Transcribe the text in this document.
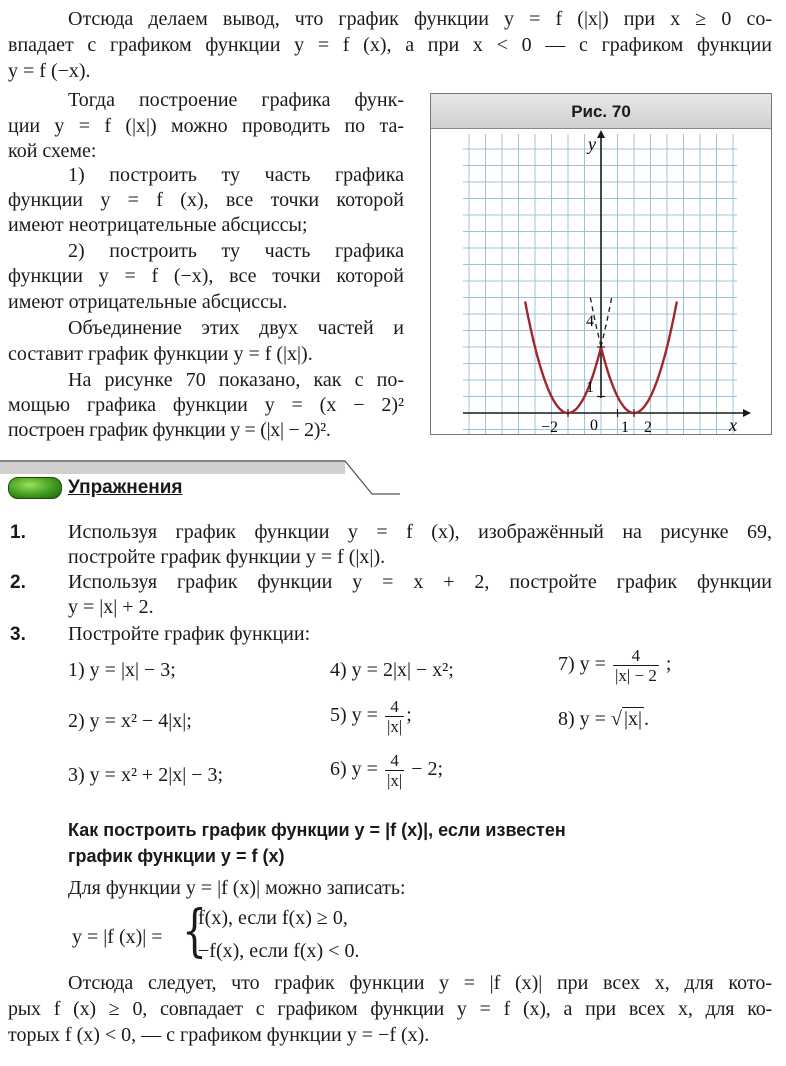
Отсюда делаем вывод, что график функции y = f (|x|) при x ≥ 0 со-

впадает с графиком функции y = f (x), а при x < 0 — с графиком функции

y = f (−x).

Тогда построение графика функ-

ции y = f (|x|) можно проводить по та-

кой схеме:

1) построить ту часть графика

функции y = f (x), все точки которой

имеют неотрицательные абсциссы;

2) построить ту часть графика

функции y = f (−x), все точки которой

имеют отрицательные абсциссы.

Объединение этих двух частей и

составит график функции y = f (|x|).

На рисунке 70 показано, как с по-

мощью графика функции y = (x − 2)²

построен график функции y = (|x| − 2)².

Рис. 70
x
y
−2 0 1 2
1
4
Упражнения
1. Используя график функции y = f (x), изображённый на рисунке 69,

постройте график функции y = f (|x|).

2. Используя график функции y = x + 2, постройте график функции

y = |x| + 2.

3. Постройте график функции:

1) y = |x| − 3;

2) y = x² − 4|x|;

3) y = x² + 2|x| − 3;

4) y = 2|x| − x²;

5) $y = \frac{4}{|x|}$ ;
6) $y = \frac{4}{|x|} - 2$;
7) $y = \frac{4}{|x| - 2}$ ;
8) y = √ |x| .
Как построить график функции y = |f (x)|, если известен
график функции y = f (x)

Для функции y = |f (x)| можно записать:

y = |f (x)| = {

f(x), если f(x) ≥ 0,

−f(x), если f(x) < 0.

Отсюда следует, что график функции y = |f (x)| при всех x, для кото-

рых f (x) ≥ 0, совпадает с графиком функции y = f (x), а при всех x, для ко-

торых f (x) < 0, — с графиком функции y = −f (x).
